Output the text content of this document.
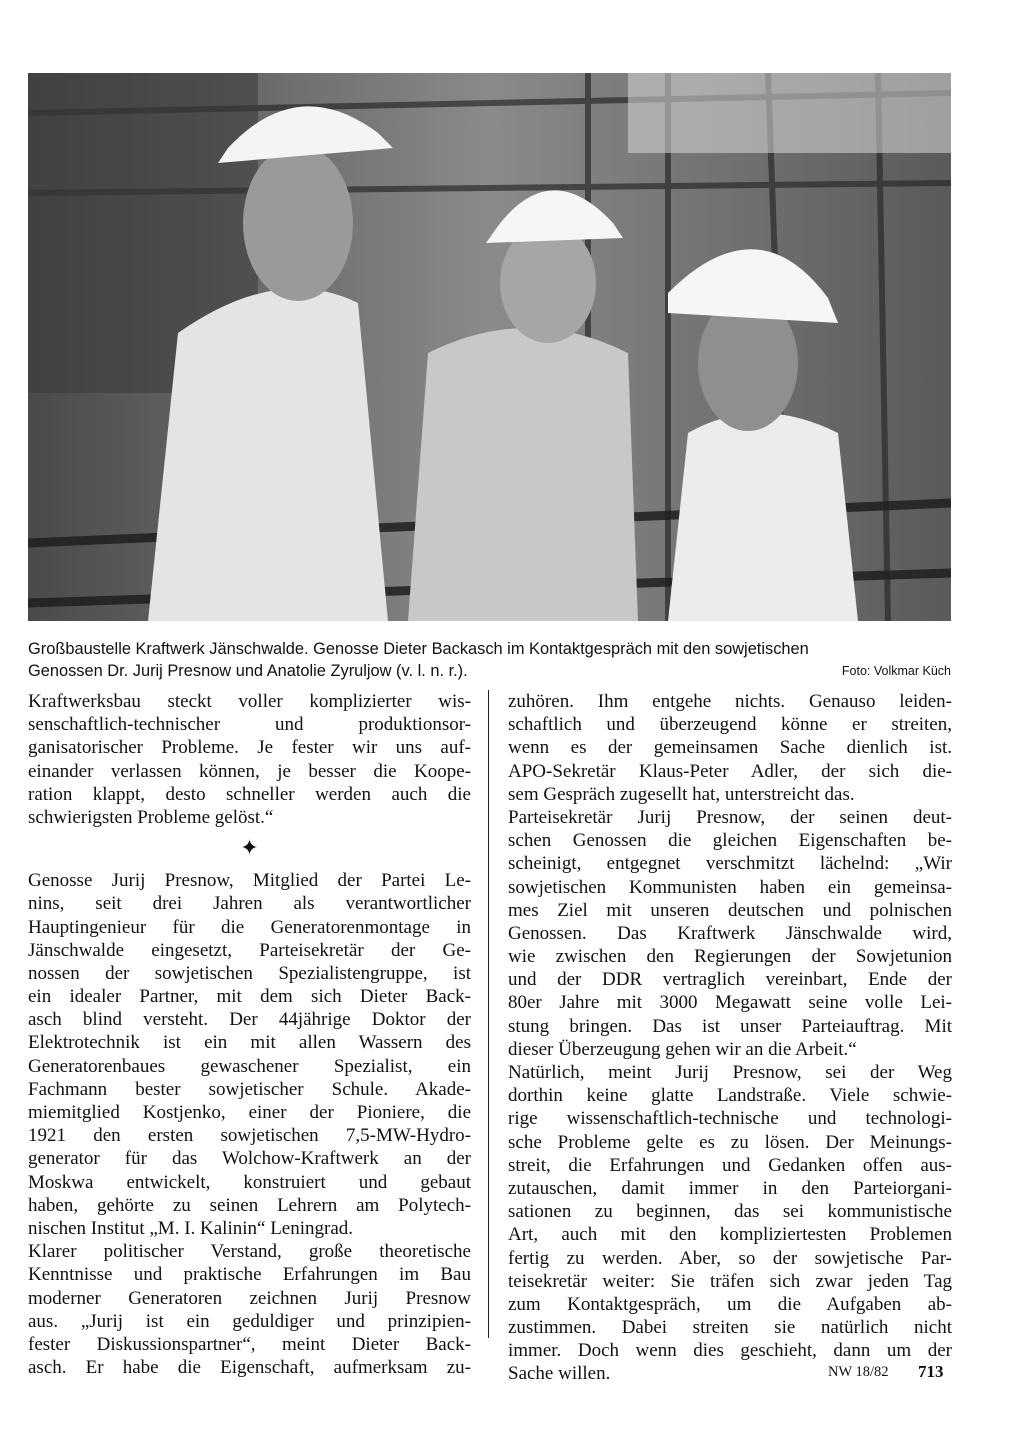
Großbaustelle Kraftwerk Jänschwalde. Genosse Dieter Backasch im Kontaktgespräch mit den sowjetischen
Genossen Dr. Jurij Presnow und Anatolie Zyruljow (v. l. n. r.).	Foto: Volkmar Küch
Kraftwerksbau steckt voller komplizierter wis-
senschaftlich-technischer und produktionsor-
ganisatorischer Probleme. Je fester wir uns auf-
einander verlassen können, je besser die Koope-
ration klappt, desto schneller werden auch die
schwierigsten Probleme gelöst.“
✦
Genosse Jurij Presnow, Mitglied der Partei Le-
nins, seit drei Jahren als verantwortlicher
Hauptingenieur für die Generatorenmontage in
Jänschwalde eingesetzt, Parteisekretär der Ge-
nossen der sowjetischen Spezialistengruppe, ist
ein idealer Partner, mit dem sich Dieter Back-
asch blind versteht. Der 44jährige Doktor der
Elektrotechnik ist ein mit allen Wassern des
Generatorenbaues gewaschener Spezialist, ein
Fachmann bester sowjetischer Schule. Akade-
miemitglied Kostjenko, einer der Pioniere, die
1921 den ersten sowjetischen 7,5-MW-Hydro-
generator für das Wolchow-Kraftwerk an der
Moskwa entwickelt, konstruiert und gebaut
haben, gehörte zu seinen Lehrern am Polytech-
nischen Institut „M. I. Kalinin“ Leningrad.
Klarer politischer Verstand, große theoretische
Kenntnisse und praktische Erfahrungen im Bau
moderner Generatoren zeichnen Jurij Presnow
aus. „Jurij ist ein geduldiger und prinzipien-
fester Diskussionspartner“, meint Dieter Back-
asch. Er habe die Eigenschaft, aufmerksam zu-
zuhören. Ihm entgehe nichts. Genauso leiden-
schaftlich und überzeugend könne er streiten,
wenn es der gemeinsamen Sache dienlich ist.
APO-Sekretär Klaus-Peter Adler, der sich die-
sem Gespräch zugesellt hat, unterstreicht das.
Parteisekretär Jurij Presnow, der seinen deut-
schen Genossen die gleichen Eigenschaften be-
scheinigt, entgegnet verschmitzt lächelnd: „Wir
sowjetischen Kommunisten haben ein gemeinsa-
mes Ziel mit unseren deutschen und polnischen
Genossen. Das Kraftwerk Jänschwalde wird,
wie zwischen den Regierungen der Sowjetunion
und der DDR vertraglich vereinbart, Ende der
80er Jahre mit 3000 Megawatt seine volle Lei-
stung bringen. Das ist unser Parteiauftrag. Mit
dieser Überzeugung gehen wir an die Arbeit.“
Natürlich, meint Jurij Presnow, sei der Weg
dorthin keine glatte Landstraße. Viele schwie-
rige wissenschaftlich-technische und technologi-
sche Probleme gelte es zu lösen. Der Meinungs-
streit, die Erfahrungen und Gedanken offen aus-
zutauschen, damit immer in den Parteiorgani-
sationen zu beginnen, das sei kommunistische
Art, auch mit den kompliziertesten Problemen
fertig zu werden. Aber, so der sowjetische Par-
teisekretär weiter: Sie träfen sich zwar jeden Tag
zum Kontaktgespräch, um die Aufgaben ab-
zustimmen. Dabei streiten sie natürlich nicht
immer. Doch wenn dies geschieht, dann um der
Sache willen.	NW 18/82	713
